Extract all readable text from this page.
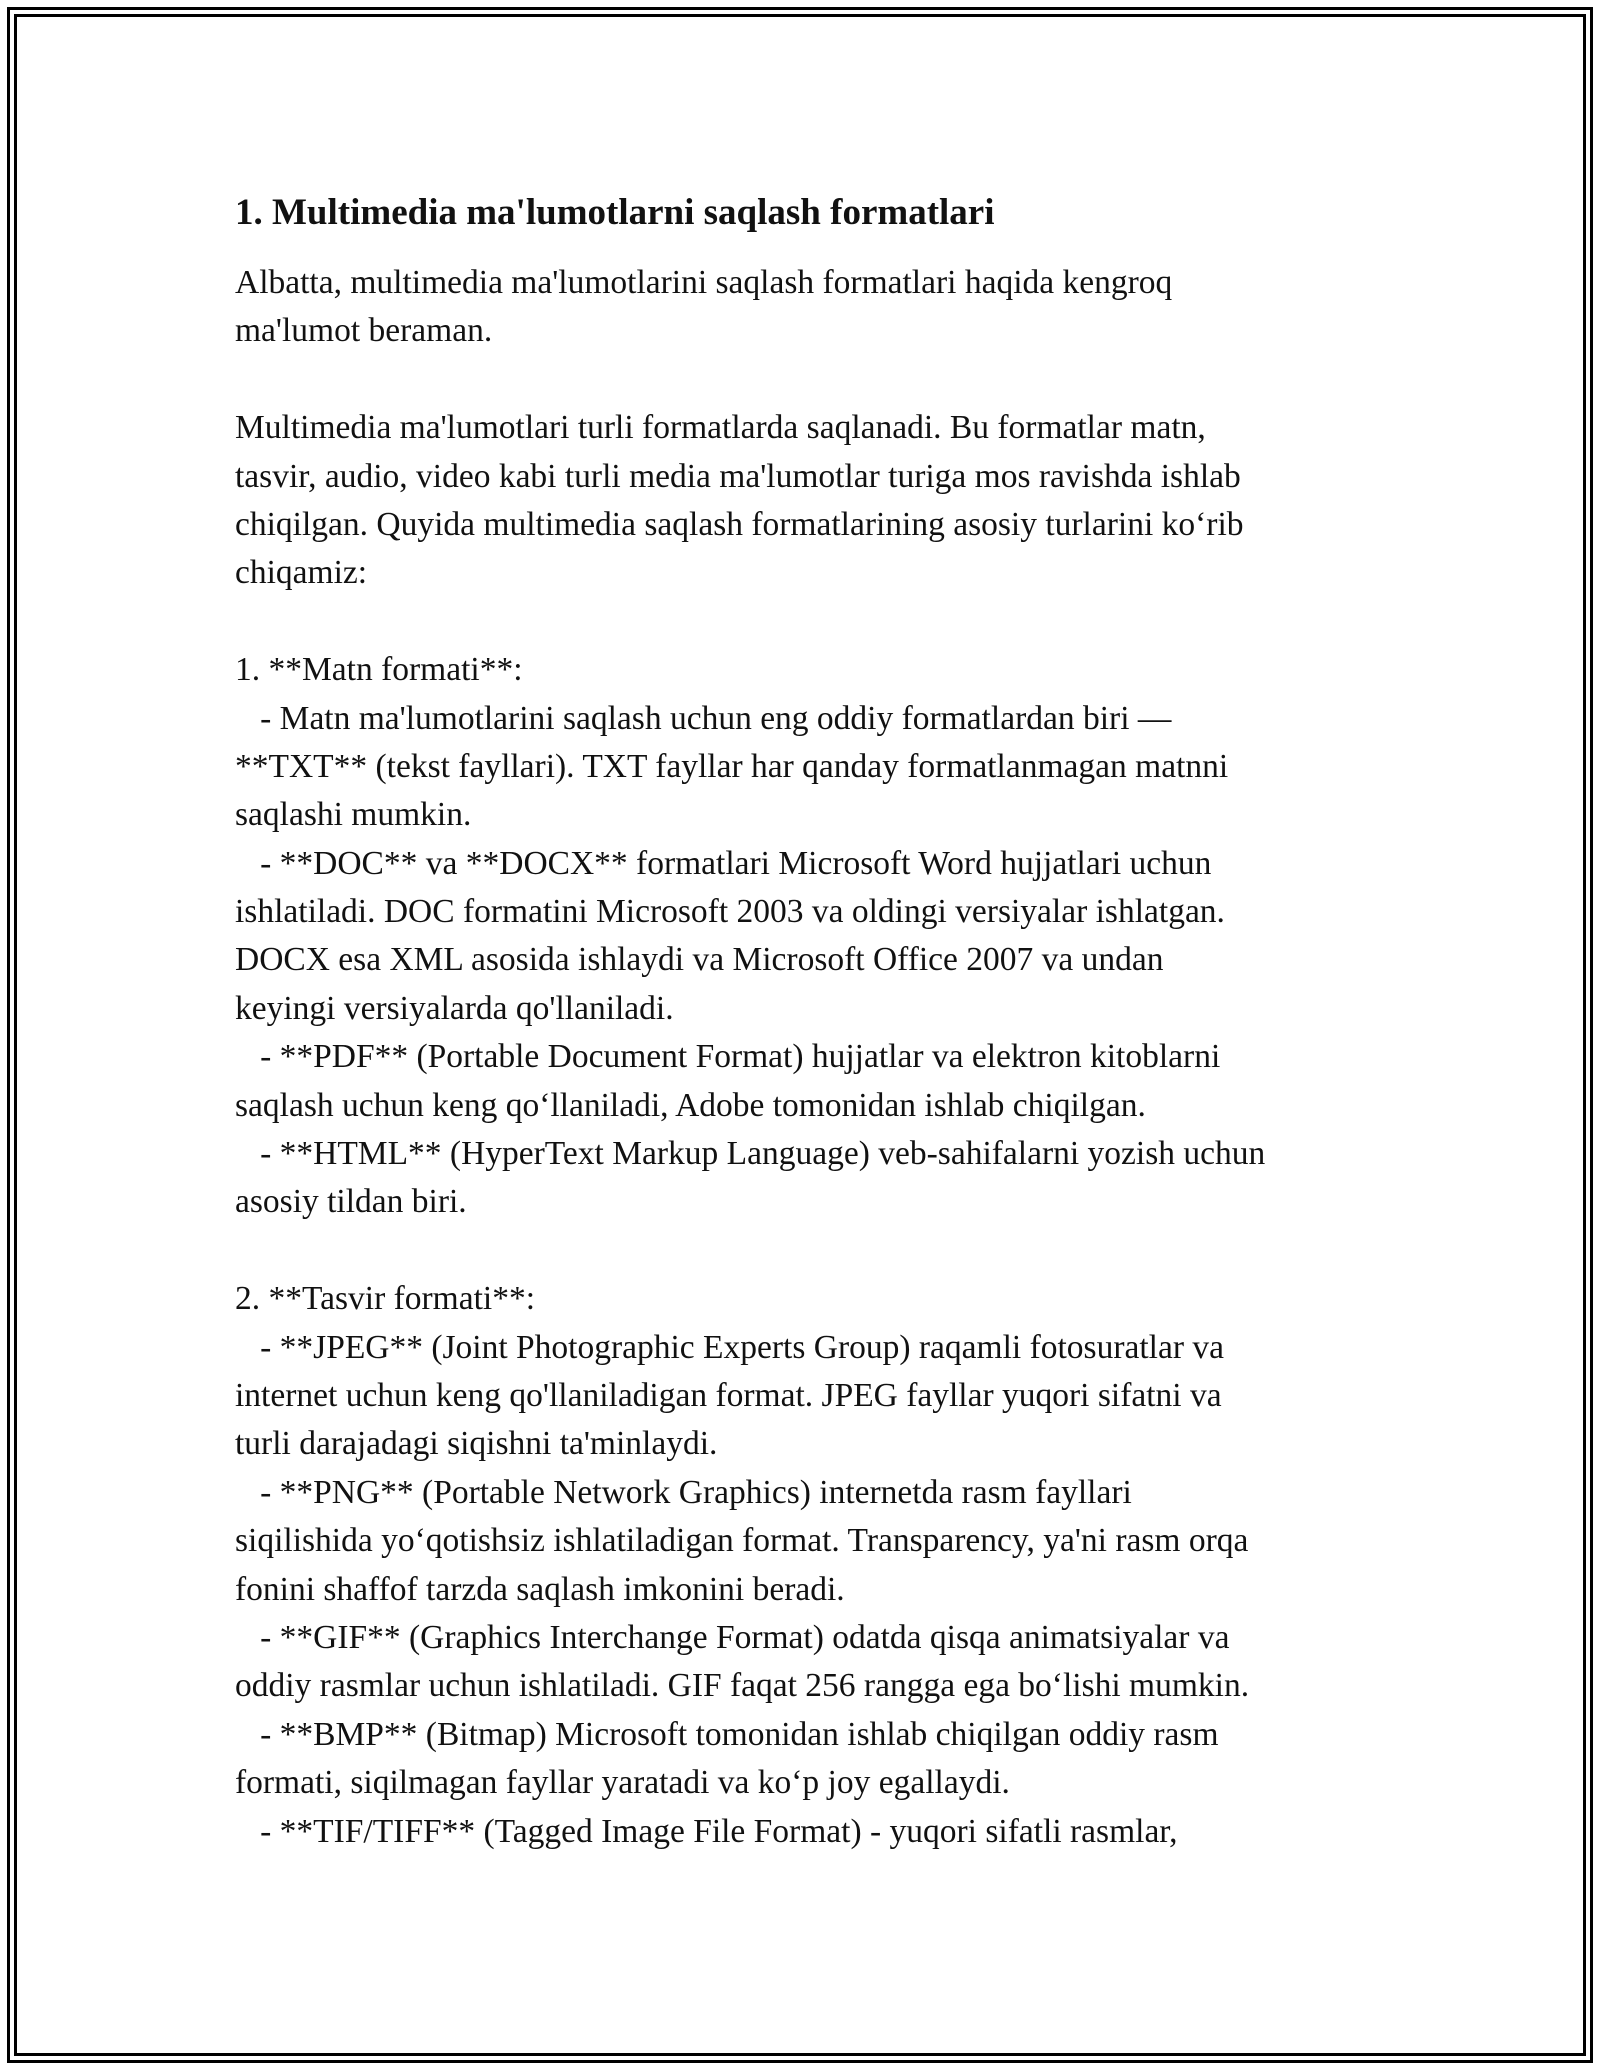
1. Multimedia ma'lumotlarni saqlash formatlari
Albatta, multimedia ma'lumotlarini saqlash formatlari haqida kengroq
ma'lumot beraman.
Multimedia ma'lumotlari turli formatlarda saqlanadi. Bu formatlar matn,
tasvir, audio, video kabi turli media ma'lumotlar turiga mos ravishda ishlab
chiqilgan. Quyida multimedia saqlash formatlarining asosiy turlarini ko‘rib
chiqamiz:
1. **Matn formati**:
- Matn ma'lumotlarini saqlash uchun eng oddiy formatlardan biri —
**TXT** (tekst fayllari). TXT fayllar har qanday formatlanmagan matnni
saqlashi mumkin.
- **DOC** va **DOCX** formatlari Microsoft Word hujjatlari uchun
ishlatiladi. DOC formatini Microsoft 2003 va oldingi versiyalar ishlatgan.
DOCX esa XML asosida ishlaydi va Microsoft Office 2007 va undan
keyingi versiyalarda qo'llaniladi.
- **PDF** (Portable Document Format) hujjatlar va elektron kitoblarni
saqlash uchun keng qo‘llaniladi, Adobe tomonidan ishlab chiqilgan.
- **HTML** (HyperText Markup Language) veb-sahifalarni yozish uchun
asosiy tildan biri.
2. **Tasvir formati**:
- **JPEG** (Joint Photographic Experts Group) raqamli fotosuratlar va
internet uchun keng qo'llaniladigan format. JPEG fayllar yuqori sifatni va
turli darajadagi siqishni ta'minlaydi.
- **PNG** (Portable Network Graphics) internetda rasm fayllari
siqilishida yo‘qotishsiz ishlatiladigan format. Transparency, ya'ni rasm orqa
fonini shaffof tarzda saqlash imkonini beradi.
- **GIF** (Graphics Interchange Format) odatda qisqa animatsiyalar va
oddiy rasmlar uchun ishlatiladi. GIF faqat 256 rangga ega bo‘lishi mumkin.
- **BMP** (Bitmap) Microsoft tomonidan ishlab chiqilgan oddiy rasm
formati, siqilmagan fayllar yaratadi va ko‘p joy egallaydi.
- **TIF/TIFF** (Tagged Image File Format) - yuqori sifatli rasmlar,
